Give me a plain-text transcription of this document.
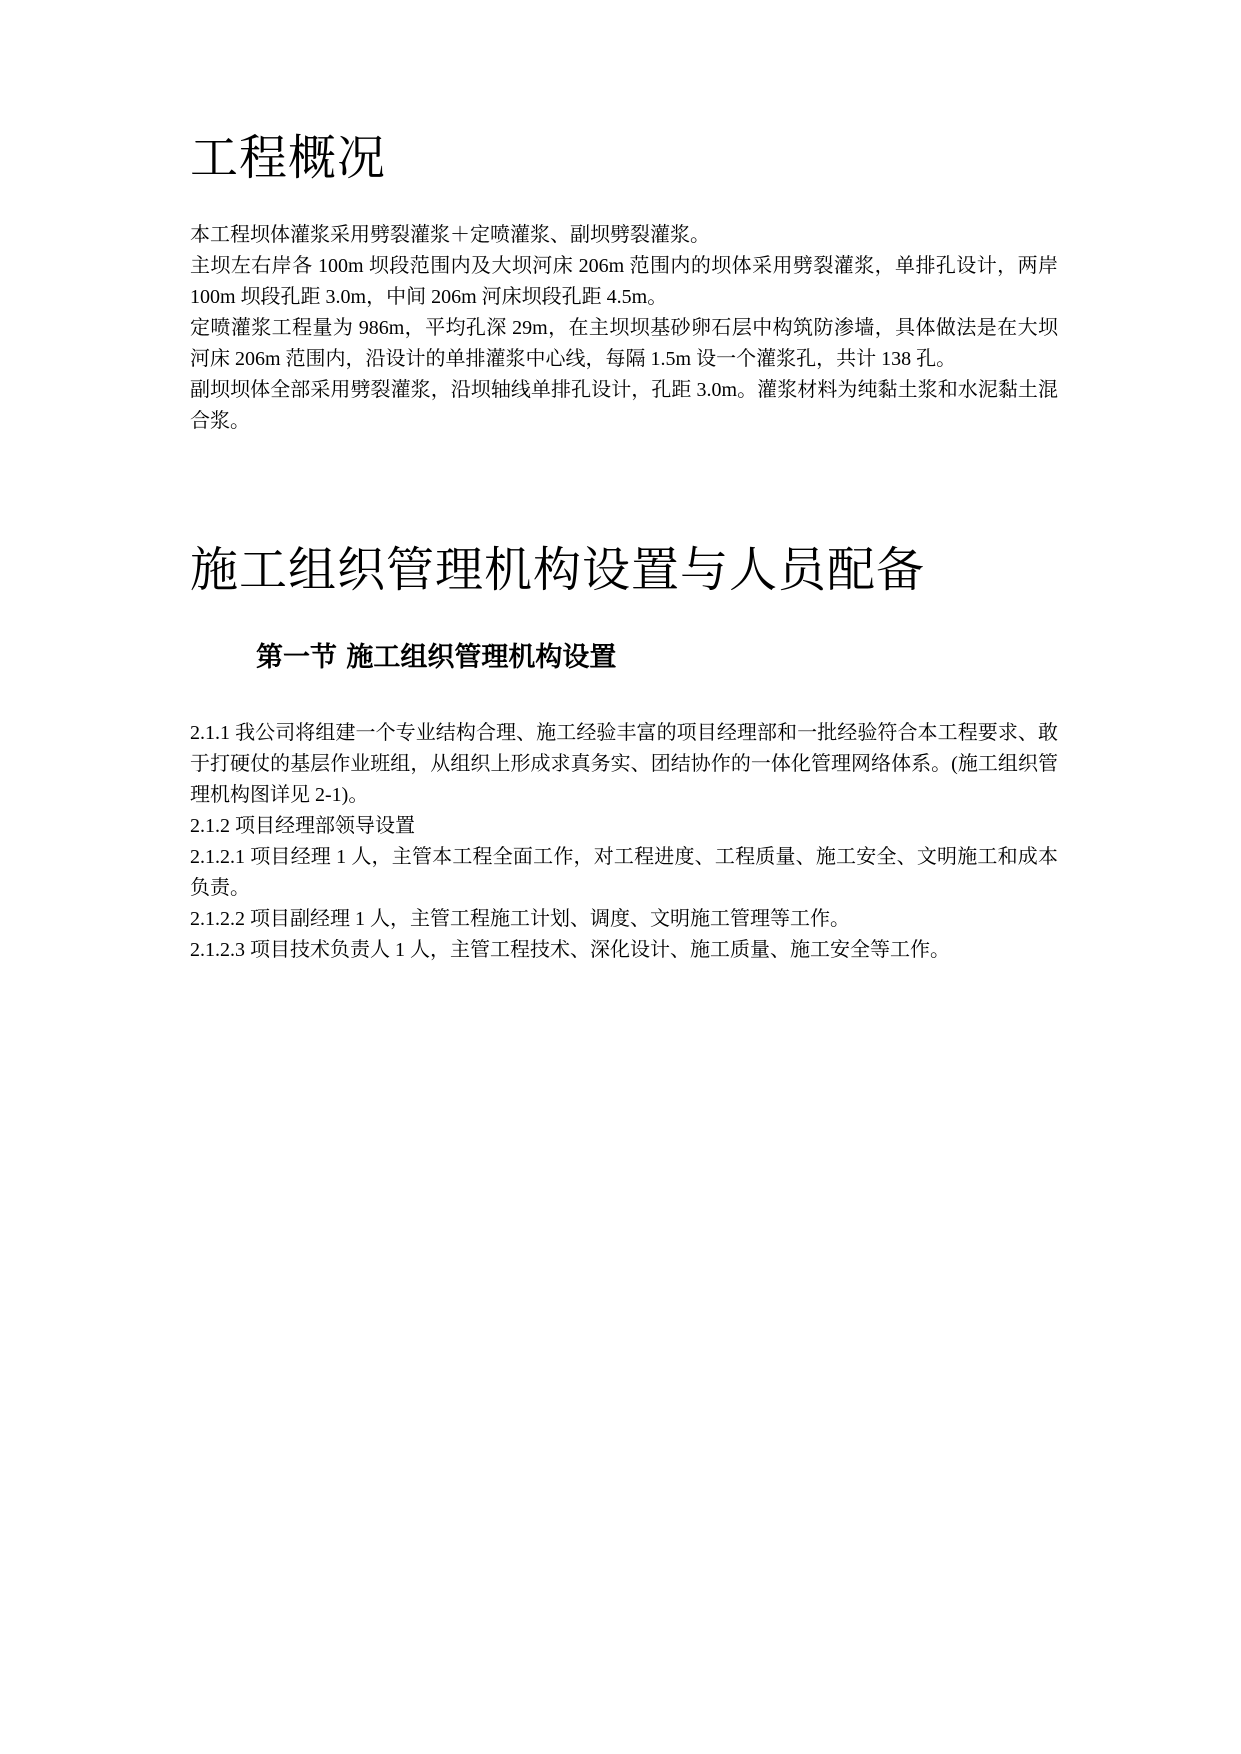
工程概况

本工程坝体灌浆采用劈裂灌浆＋定喷灌浆、副坝劈裂灌浆。

主坝左右岸各 100m 坝段范围内及大坝河床 206m 范围内的坝体采用劈裂灌浆，单排孔设计，两岸 100m 坝段孔距 3.0m，中间 206m 河床坝段孔距 4.5m。

定喷灌浆工程量为 986m，平均孔深 29m，在主坝坝基砂卵石层中构筑防渗墙，具体做法是在大坝河床 206m 范围内，沿设计的单排灌浆中心线，每隔 1.5m 设一个灌浆孔，共计 138 孔。

副坝坝体全部采用劈裂灌浆，沿坝轴线单排孔设计，孔距 3.0m。灌浆材料为纯黏土浆和水泥黏土混合浆。

施工组织管理机构设置与人员配备
第一节 施工组织管理机构设置

2.1.1 我公司将组建一个专业结构合理、施工经验丰富的项目经理部和一批经验符合本工程要求、敢于打硬仗的基层作业班组，从组织上形成求真务实、团结协作的一体化管理网络体系。(施工组织管理机构图详见 2-1)。

2.1.2 项目经理部领导设置

2.1.2.1 项目经理 1 人，主管本工程全面工作，对工程进度、工程质量、施工安全、文明施工和成本负责。

2.1.2.2 项目副经理 1 人，主管工程施工计划、调度、文明施工管理等工作。

2.1.2.3 项目技术负责人 1 人，主管工程技术、深化设计、施工质量、施工安全等工作。
